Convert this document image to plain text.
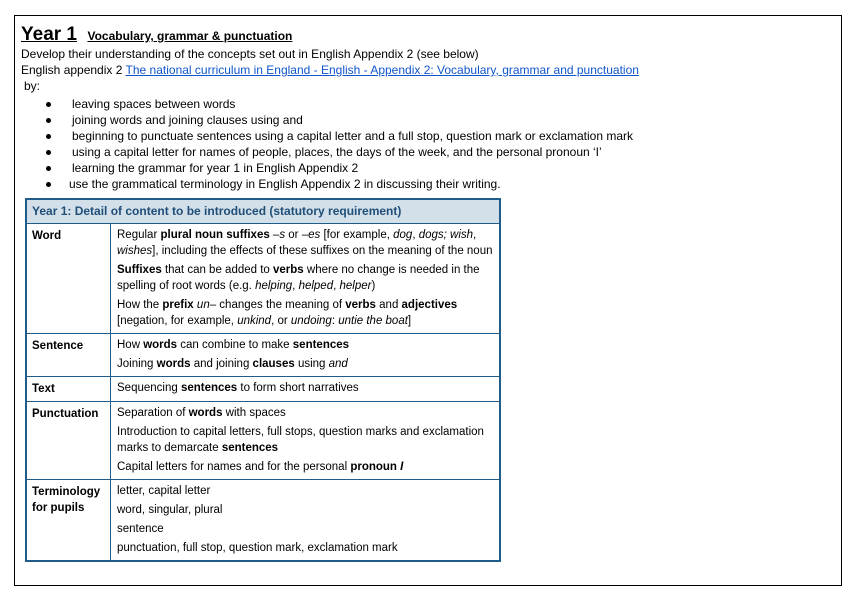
Year 1 Vocabulary, grammar & punctuation
Develop their understanding of the concepts set out in English Appendix 2 (see below)
English appendix 2 The national curriculum in England - English - Appendix 2: Vocabulary, grammar and punctuation
by:
leaving spaces between words
joining words and joining clauses using and
beginning to punctuate sentences using a capital letter and a full stop, question mark or exclamation mark
using a capital letter for names of people, places, the days of the week, and the personal pronoun ‘I’
learning the grammar for year 1 in English Appendix 2
use the grammatical terminology in English Appendix 2 in discussing their writing.
Year 1: Detail of content to be introduced (statutory requirement)	
Word	Regular plural noun suffixes –s or –es [for example, dog, dogs; wish, wishes], including the effects of these suffixes on the meaning of the noun

Suffixes that can be added to verbs where no change is needed in the spelling of root words (e.g. helping, helped, helper)

How the prefix un– changes the meaning of verbs and adjectives [negation, for example, unkind, or undoing: untie the boat]

Sentence	How words can combine to make sentences

Joining words and joining clauses using and

Text	Sequencing sentences to form short narratives

Punctuation	Separation of words with spaces

Introduction to capital letters, full stops, question marks and exclamation marks to demarcate sentences

Capital letters for names and for the personal pronoun I

Terminology for pupils	letter, capital letter

word, singular, plural

sentence

punctuation, full stop, question mark, exclamation mark
